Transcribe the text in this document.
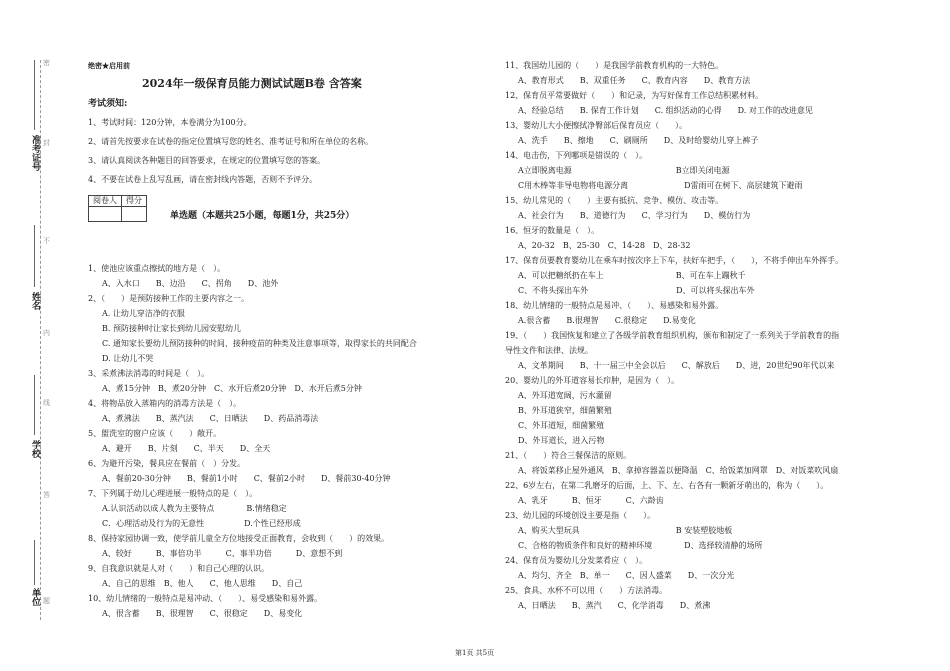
准考证号
姓名
学校
单位
密
封
线
不
内
答
题
绝密★启用前
2024年一级保育员能力测试试题B卷 含答案
考试须知:
1、考试时间：120分钟，本卷满分为100分。
2、请首先按要求在试卷的指定位置填写您的姓名、准考证号和所在单位的名称。
3、请认真阅读各种题目的回答要求，在规定的位置填写您的答案。
4、不要在试卷上乱写乱画，请在密封线内答题，否则不予评分。
阅卷人	得分

单选题（本题共25小题，每题1分，共25分）
1、使池应该重点擦拭的地方是（　）。
A、入水口　　B、边沿　　C、拐角　　D、池外
2、（　　）是预防接种工作的主要内容之一。
A. 让幼儿穿洁净的衣服
B. 预防接种时让家长到幼儿园安慰幼儿
C. 通知家长要幼儿预防接种的时间、接种疫苗的种类及注意事项等，取得家长的共同配合
D. 让幼儿不哭
3、采煮沸法消毒的时间是（　）。
A、煮15分钟　B、煮20分钟　C、水开后煮20分钟　D、水开后煮5分钟
4、将物品放入蒸箱内的消毒方法是（　）。
A、煮沸法　　B、蒸汽法　　C、日晒法　　D、药品消毒法
5、盥洗室的窗户应该（　　）敞开。
A、避开　　B、片刻　　C、半天　　D、全天
6、为避开污染，餐具应在餐前（　）分发。
A、餐前20-30分钟　　B、餐前1小时　　C、餐前2小时　　D、餐前30-40分钟
7、下列属于幼儿心理进展一般特点的是（　）。
A.认识活动以成人教为主要特点　　　　B.情绪稳定
C．心理活动及行为的无意性　　　　　D.个性已经形成
8、保持家园协调一致，使学前儿童全方位地接受正面教育，会收到（　　）的效果。
A、较好　　　B、事倍功半　　　C、事半功倍　　　D、意想不到
9、自我意识就是人对（　　）和自己心理的认识。
A、自己的思维　B、他人　　C、他人思维　　D、自己
10、幼儿情绪的一般特点是易冲动、（　　）、易受感染和易外露。
A、很含蓄　　B、很理智　　C、很稳定　　D、易变化
11、我国幼儿园的（　　）是我国学前教育机构的一大特色。
A、教育形式　　B、双重任务　　C、教育内容　　D、教育方法
12、保育员平常要做好（　　）和记录，为写好保育工作总结积累材料。
A、经验总结　　B. 保育工作计划　　C. 组织活动的心得　　D. 对工作的改进意见
13、婴幼儿大小便擦拭净臀部后保育员应（　　）。
A、洗手　　B、擦地　　C、刷厕所　　D、及时给婴幼儿穿上裤子
14、电击伤，下列哪项是错误的（　）。
A立即脱离电源　　　　　　　　　　　　　B立即关闭电源
C用木棒等非导电物将电源分离　　　　　　　D雷雨可在树下、高层建筑下避雨
15、幼儿常见的（　　）主要有抵抗、竞争、模仿、攻击等。
A、社会行为　　B、道德行为　　C、学习行为　　D、模仿行为
16、恒牙的数量是（　）。
A、20-32　B、25-30　C、14-28　D、28-32
17、保育员要教育婴幼儿在乘车时按次序上下车，扶好车把手，（　　），不将手伸出车外挥手。
A、可以把糖纸扔在车上　　　　　　　　　B、可在车上蹦秋千
C、不将头探出车外　　　　　　　　　　　D、可以将头探出车外
18、幼儿情绪的一般特点是易冲、（　　）、易感染和易外露。
A.很含蓄　　B.很理智　　C.很稳定　　D.易变化
19、（　　）我国恢复和建立了各级学前教育组织机构，颁布和制定了一系列关于学前教育的指
导性文件和法律、法规。
A、文革期间　　B、十一届三中全会以后　　C、解放后　　D、进，20世纪90年代以来
20、婴幼儿的外耳道容易长疖肿，是因为（　）。
A、外耳道宽阔，污水灌留
B、外耳道狭窄，细菌繁殖
C、外耳道短，细菌繁殖
D、外耳道长，进入污物
21、（　　）符合三餐保洁的原则。
A、将饭菜移止屋外通风　B、拿掉容器盖以便降温　C、给饭菜加网罩　D、对饭菜吹风扇
22、6岁左右，在第二乳磨牙的后面，上、下、左、右各有一颗新牙萌出的，称为（　　）。
A、乳牙　　　B、恒牙　　　C、六龄齿
23、幼儿园的环境创设主要是指（　　）。
A、购买大型玩具　　　　　　　　　　　　B 安装塑胶地板
C、合格的物质条件和良好的精神环境　　　　D、选择较清静的场所
24、保育员为婴幼儿分发菜肴应（　）。
A、均匀、齐全　B、单一　　C、因人盛菜　　D、一次分光
25、食具、水杯不可以用（　　）方法消毒。
A、日晒法　　B、蒸汽　　C、化学消毒　　D、煮沸
第1页 共5页
